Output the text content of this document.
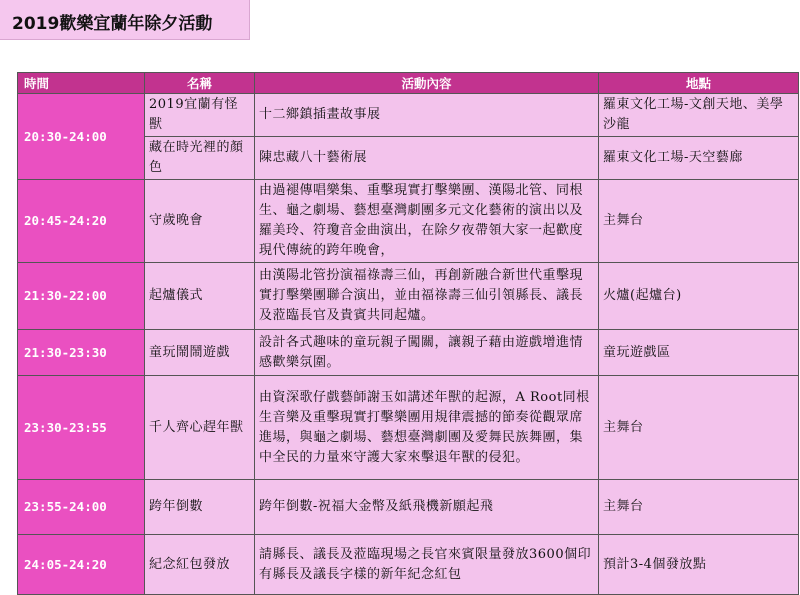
2019歡樂宜蘭年除夕活動
時間	名稱	活動內容	地點
20:30-24:00	2019宜蘭有怪獸	十二鄉鎮插畫故事展	羅東文化工場-文創天地、美學沙龍
	藏在時光裡的顏色	陳忠藏八十藝術展	羅東文化工場-天空藝廊
20:45-24:20	守歲晚會	由過褪傳唱樂集、重擊現實打擊樂團、漢陽北管、同根生、龜之劇場、藝想臺灣劇團多元文化藝術的演出以及羅美玲、符瓊音金曲演出，在除夕夜帶領大家一起歡度現代傳統的跨年晚會，	主舞台
21:30-22:00	起爐儀式	由漢陽北管扮演福祿壽三仙，再創新融合新世代重擊現實打擊樂團聯合演出，並由福祿壽三仙引領縣長、議長及蒞臨長官及貴賓共同起爐。	火爐(起爐台)
21:30-23:30	童玩鬧鬧遊戲	設計各式趣味的童玩親子闖關，讓親子藉由遊戲增進情感歡樂氛圍。	童玩遊戲區
23:30-23:55	千人齊心趕年獸	由資深歌仔戲藝師謝玉如講述年獸的起源，A Root同根生音樂及重擊現實打擊樂團用規律震撼的節奏從觀眾席進場，與龜之劇場、藝想臺灣劇團及愛舞民族舞團，集中全民的力量來守護大家來擊退年獸的侵犯。	主舞台
23:55-24:00	跨年倒數	跨年倒數-祝福大金幣及紙飛機新願起飛	主舞台
24:05-24:20	紀念紅包發放	請縣長、議長及蒞臨現場之長官來賓限量發放3600個印有縣長及議長字樣的新年紀念紅包	預計3-4個發放點
